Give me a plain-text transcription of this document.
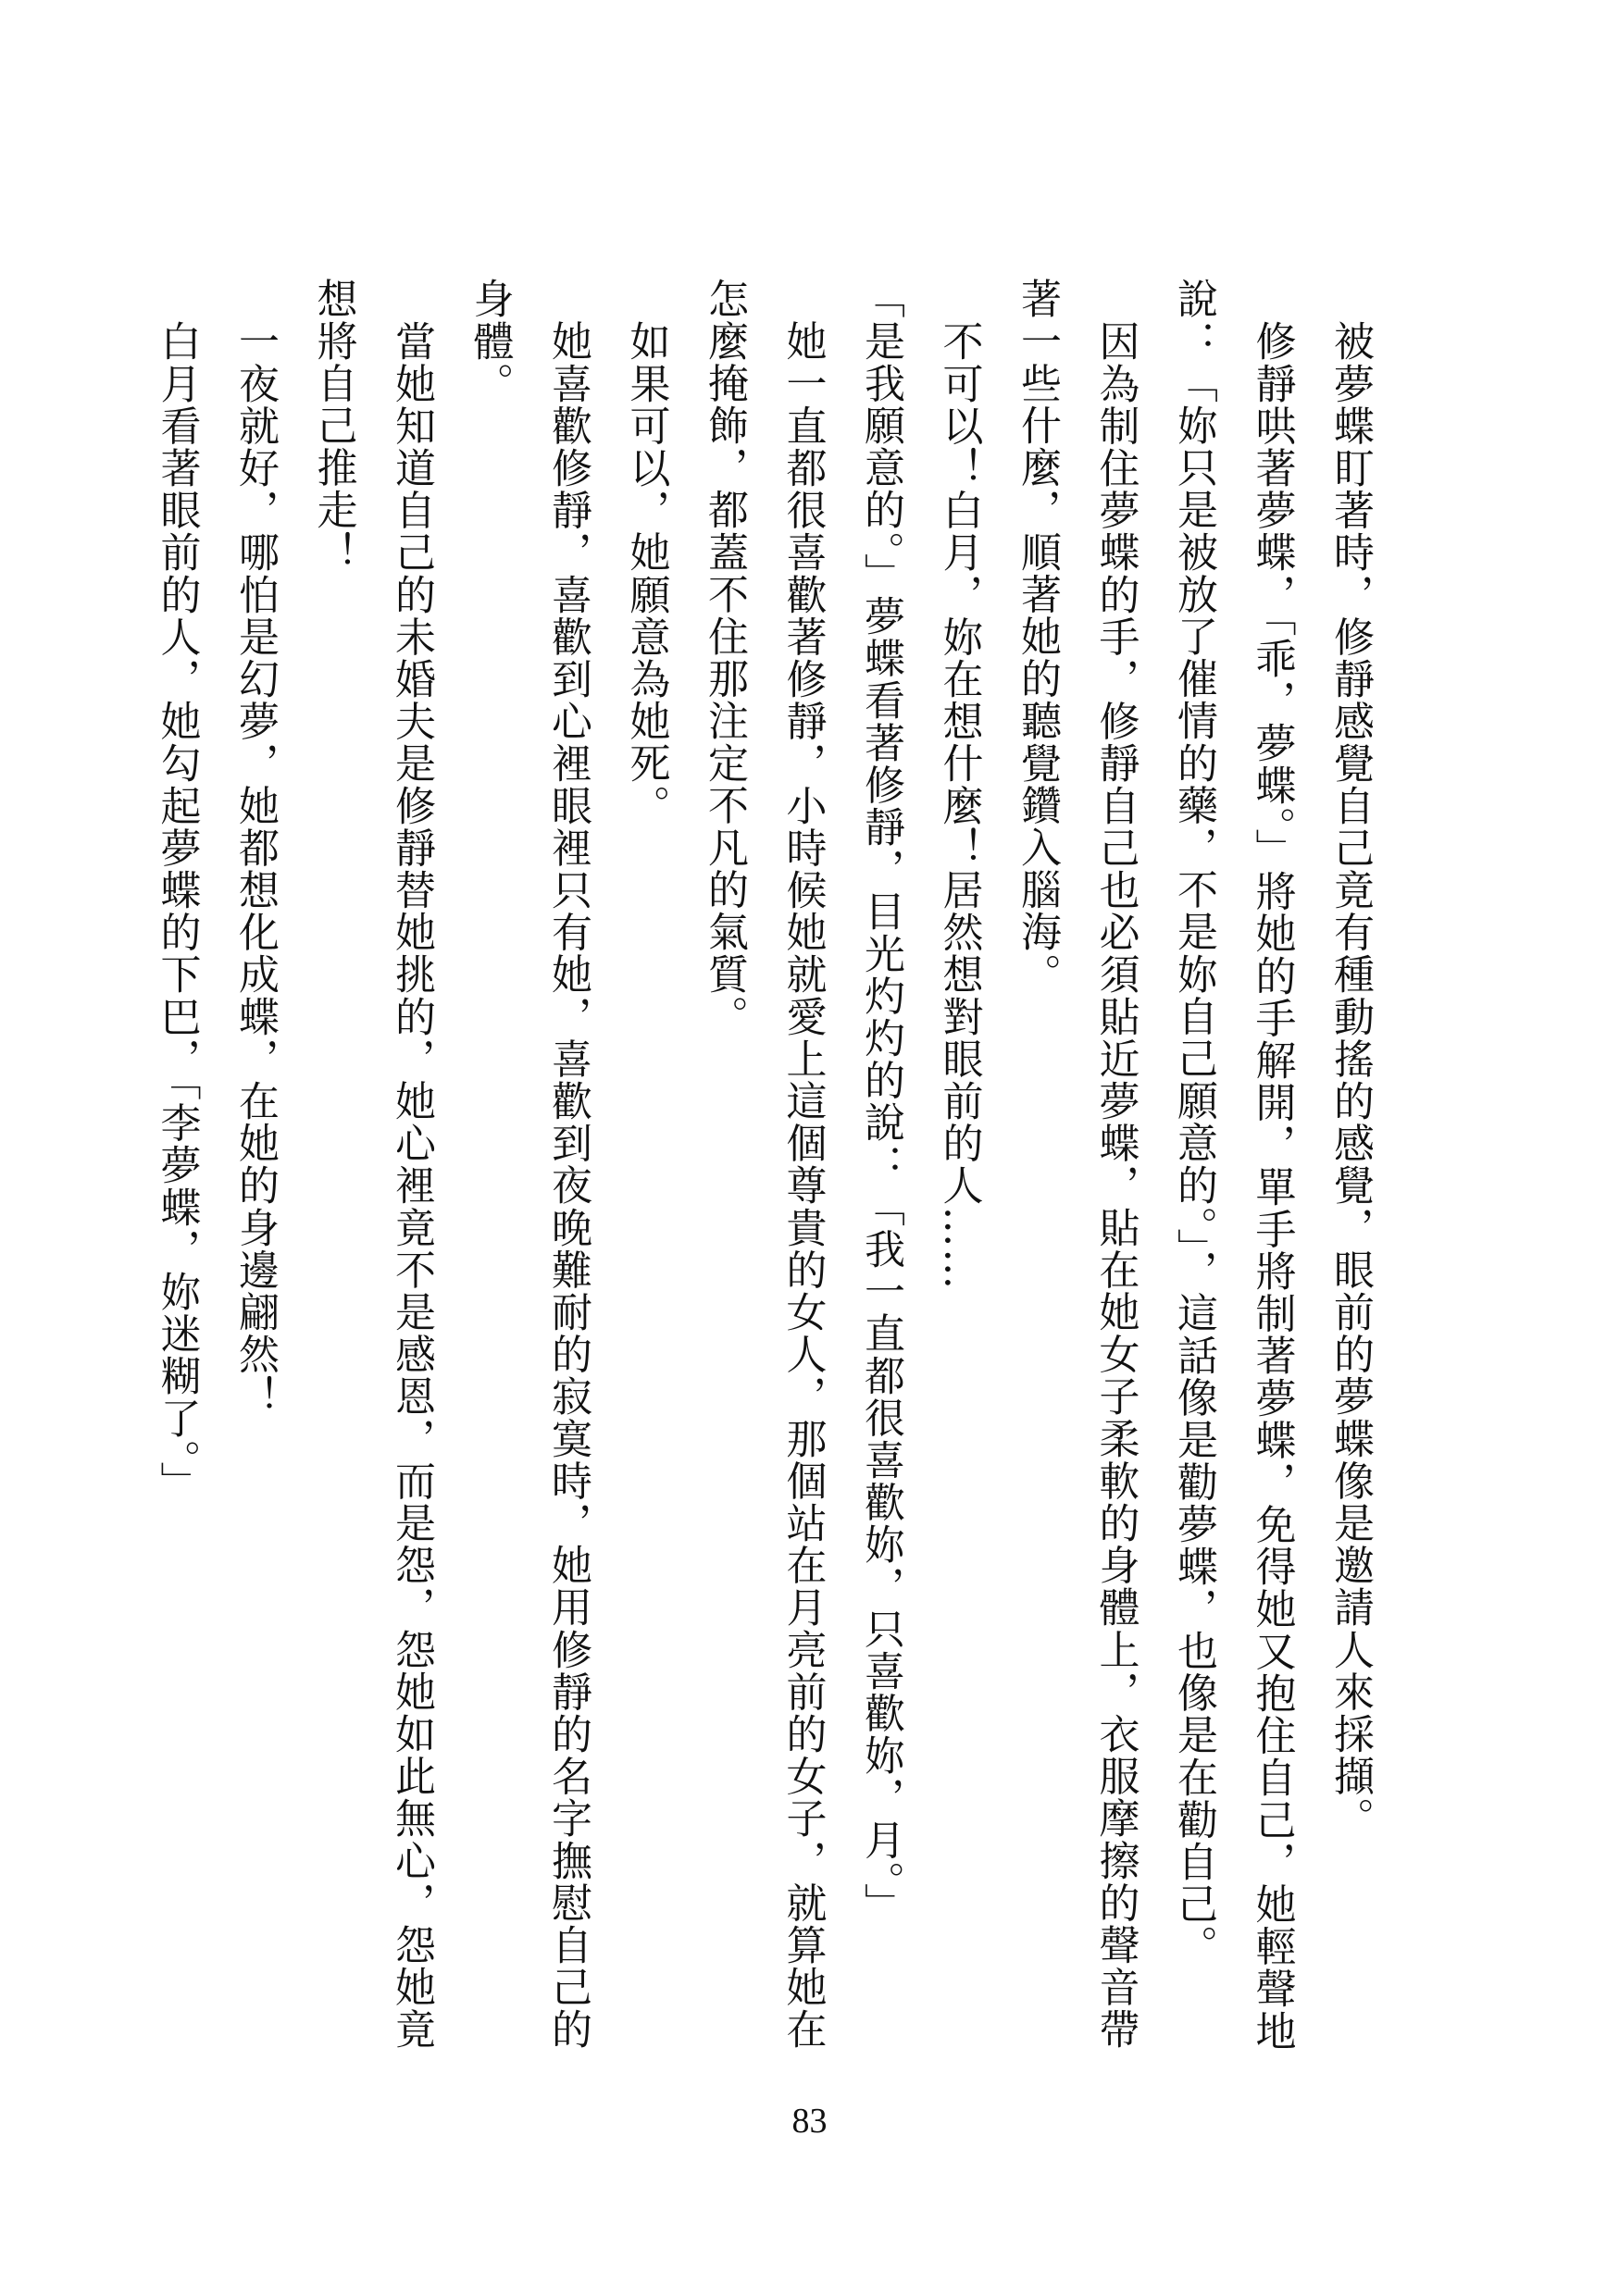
被夢蝶盯著時，修靜感覺自己竟有種動搖的感覺，眼前的夢蝶像是邀請人來採擷。

修靜哄著夢蝶，「乖，夢蝶。」將她的手解開，單手將制著夢蝶，免得她又抱住自己，她輕聲地說：「妳只是被放了催情的藥，不是妳自己願意的。」，這話像是勸夢蝶，也像是在勸自己。

因為制住夢蝶的手，修靜自己也必須貼近夢蝶，貼在她女子柔軟的身體上，衣服摩擦的聲音帶著一些什麼，順著她的聽覺鑽入腦海。

不可以！白月，妳在想什麼！居然想對眼前的人……

「是我願意的。」夢蝶看著修靜，目光灼灼的說：「我一直都很喜歡妳，只喜歡妳，月。」

她一直都很喜歡著修靜，小時候她就愛上這個尊貴的女人，那個站在月亮前的女子，就算她在怎麼掩飾，都蓋不住那注定不凡的氣質。

如果可以，她願意為她死。

她喜歡修靜，喜歡到心裡眼裡只有她，喜歡到夜晚難耐的寂寞時，她用修靜的名字撫慰自己的身體。

當她知道自己的未婚夫是修靜替她挑的，她心裡竟不是感恩，而是怨，怨她如此無心，怨她竟想將自己推走！

一夜就好，哪怕是幻夢，她都想化成蝶，在她的身邊翩然！

白月看著眼前的人，她勾起夢蝶的下巴，「李夢蝶，妳迷糊了。」

83
